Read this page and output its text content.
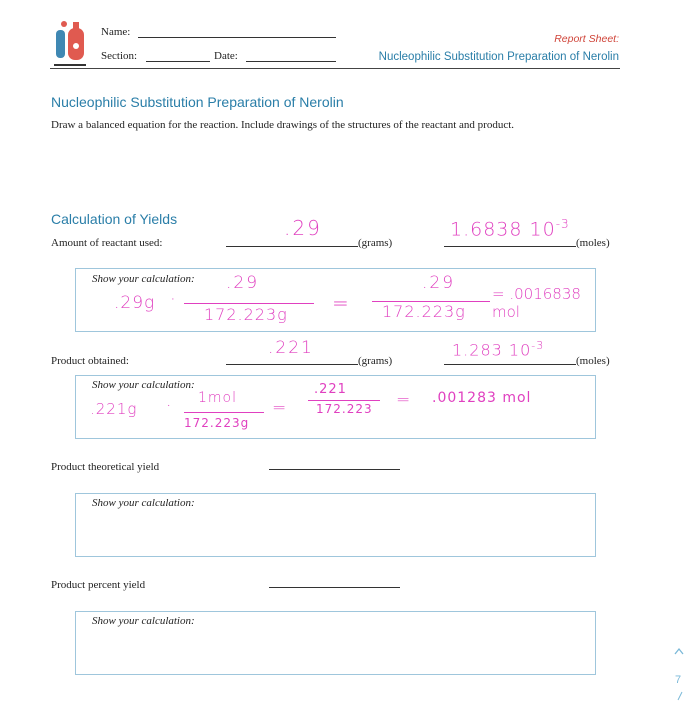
Name:
Section:	Date:
Report Sheet:
Nucleophilic Substitution Preparation of Nerolin
Nucleophilic Substitution Preparation of Nerolin
Draw a balanced equation for the reaction. Include drawings of the structures of the reactant and product.
Calculation of Yields
Amount of reactant used:	(grams)	(moles)
.29	1.6838 $10^{-3}$
Show your calculation:
.29g ·
.29
172.223g =
.29
172.223g
= .0016838 mol
Product obtained:	(grams)	(moles)
.221	1.283 $10^{-3}$
Show your calculation:
.221g · 1mol
172.223g
=
.221
172.223 = .001283 mol
Product theoretical yield
Show your calculation:
Product percent yield
Show your calculation:
7
